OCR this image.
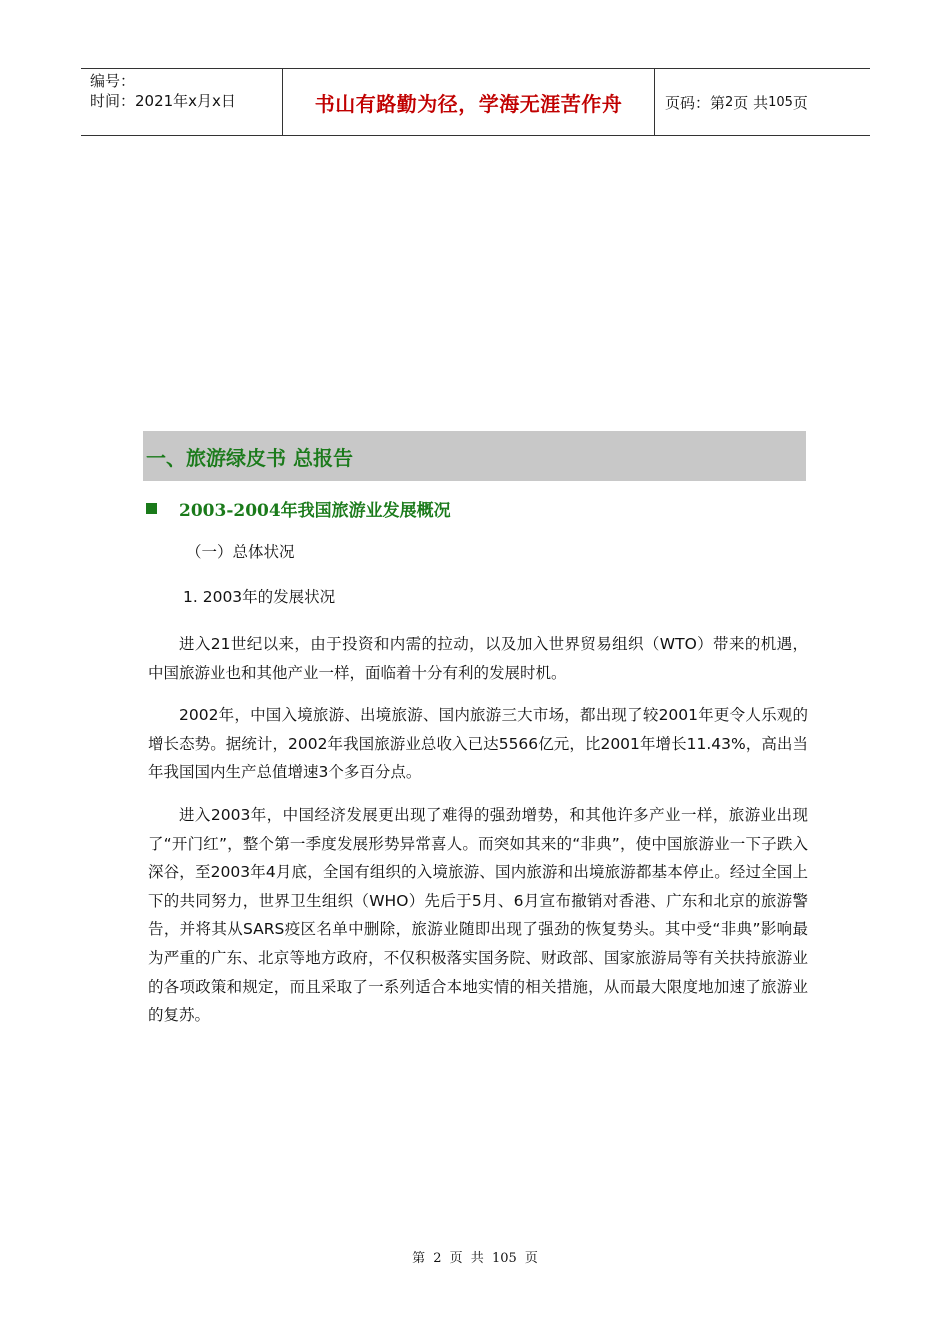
编号：
时间：2021年x月x日	书山有路勤为径，学海无涯苦作舟	页码：第 2 页 共 105 页
一、旅游绿皮书 总报告
2003-2004年我国旅游业发展概况
（一）总体状况
1. 2003年的发展状况

进入21世纪以来，由于投资和内需的拉动，以及加入世界贸易组织（WTO）带来的机遇，中国旅游业也和其他产业一样，面临着十分有利的发展时机。

2002年，中国入境旅游、出境旅游、国内旅游三大市场，都出现了较2001年更令人乐观的增长态势。据统计，2002年我国旅游业总收入已达5566亿元，比2001年增长11.43%，高出当年我国国内生产总值增速3个多百分点。

进入2003年，中国经济发展更出现了难得的强劲增势，和其他许多产业一样，旅游业出现了“开门红”，整个第一季度发展形势异常喜人。而突如其来的“非典”，使中国旅游业一下子跌入深谷，至2003年4月底，全国有组织的入境旅游、国内旅游和出境旅游都基本停止。经过全国上下的共同努力，世界卫生组织（WHO）先后于5月、6月宣布撤销对香港、广东和北京的旅游警告，并将其从SARS疫区名单中删除，旅游业随即出现了强劲的恢复势头。其中受“非典”影响最为严重的广东、北京等地方政府，不仅积极落实国务院、财政部、国家旅游局等有关扶持旅游业的各项政策和规定，而且采取了一系列适合本地实情的相关措施，从而最大限度地加速了旅游业的复苏。

第 2 页 共 105 页
